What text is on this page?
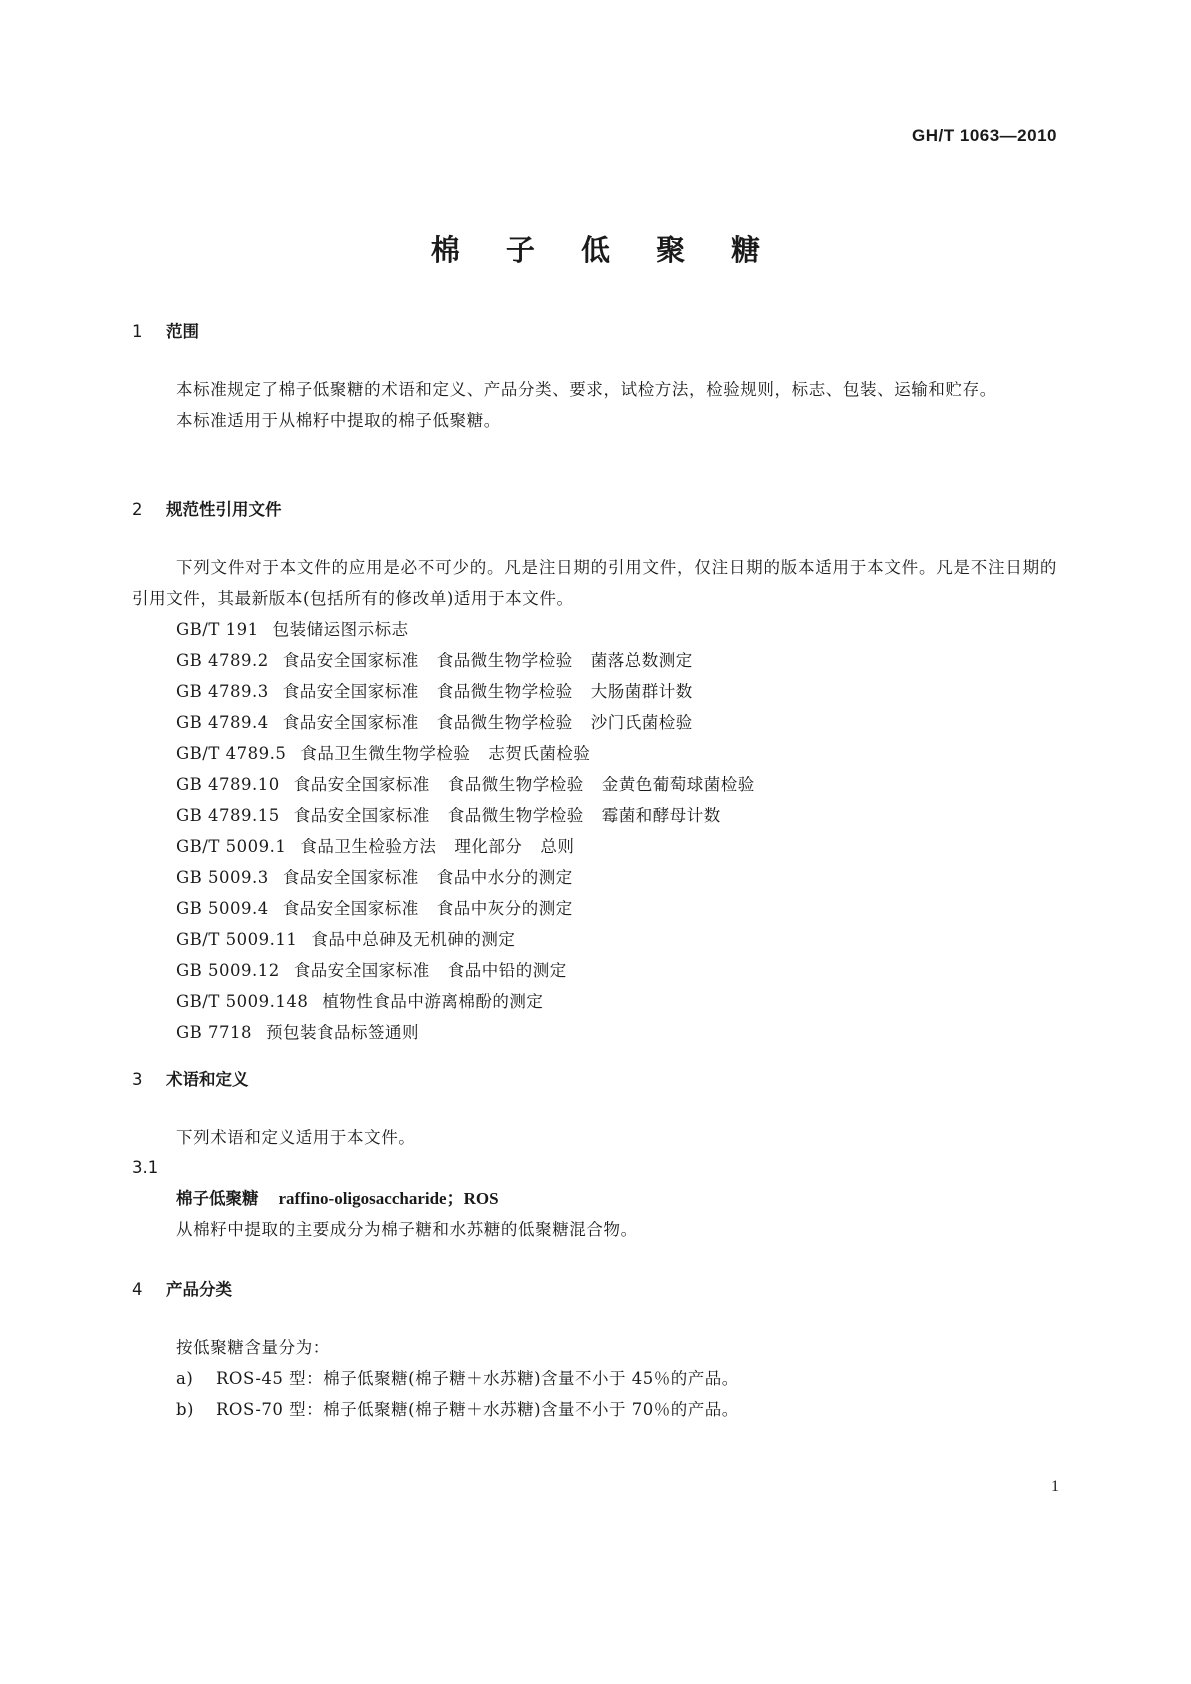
GH/T 1063—2010
棉 子 低 聚 糖
1 范围
本标准规定了棉子低聚糖的术语和定义、产品分类、要求，试检方法，检验规则，标志、包装、运输和贮存。
本标准适用于从棉籽中提取的棉子低聚糖。
2 规范性引用文件
下列文件对于本文件的应用是必不可少的。凡是注日期的引用文件，仅注日期的版本适用于本文件。凡是不注日期的引用文件，其最新版本(包括所有的修改单)适用于本文件。
GB/T 191 包装储运图示标志
GB 4789.2 食品安全国家标准 食品微生物学检验 菌落总数测定
GB 4789.3 食品安全国家标准 食品微生物学检验 大肠菌群计数
GB 4789.4 食品安全国家标准 食品微生物学检验 沙门氏菌检验
GB/T 4789.5 食品卫生微生物学检验 志贺氏菌检验
GB 4789.10 食品安全国家标准 食品微生物学检验 金黄色葡萄球菌检验
GB 4789.15 食品安全国家标准 食品微生物学检验 霉菌和酵母计数
GB/T 5009.1 食品卫生检验方法 理化部分 总则
GB 5009.3 食品安全国家标准 食品中水分的测定
GB 5009.4 食品安全国家标准 食品中灰分的测定
GB/T 5009.11 食品中总砷及无机砷的测定
GB 5009.12 食品安全国家标准 食品中铅的测定
GB/T 5009.148 植物性食品中游离棉酚的测定
GB 7718 预包装食品标签通则
3 术语和定义
下列术语和定义适用于本文件。
3.1
棉子低聚糖 raffino-oligosaccharide；ROS
从棉籽中提取的主要成分为棉子糖和水苏糖的低聚糖混合物。
4 产品分类
按低聚糖含量分为：
a) ROS-45 型：棉子低聚糖(棉子糖＋水苏糖)含量不小于 45％的产品。
b) ROS-70 型：棉子低聚糖(棉子糖＋水苏糖)含量不小于 70％的产品。
1
